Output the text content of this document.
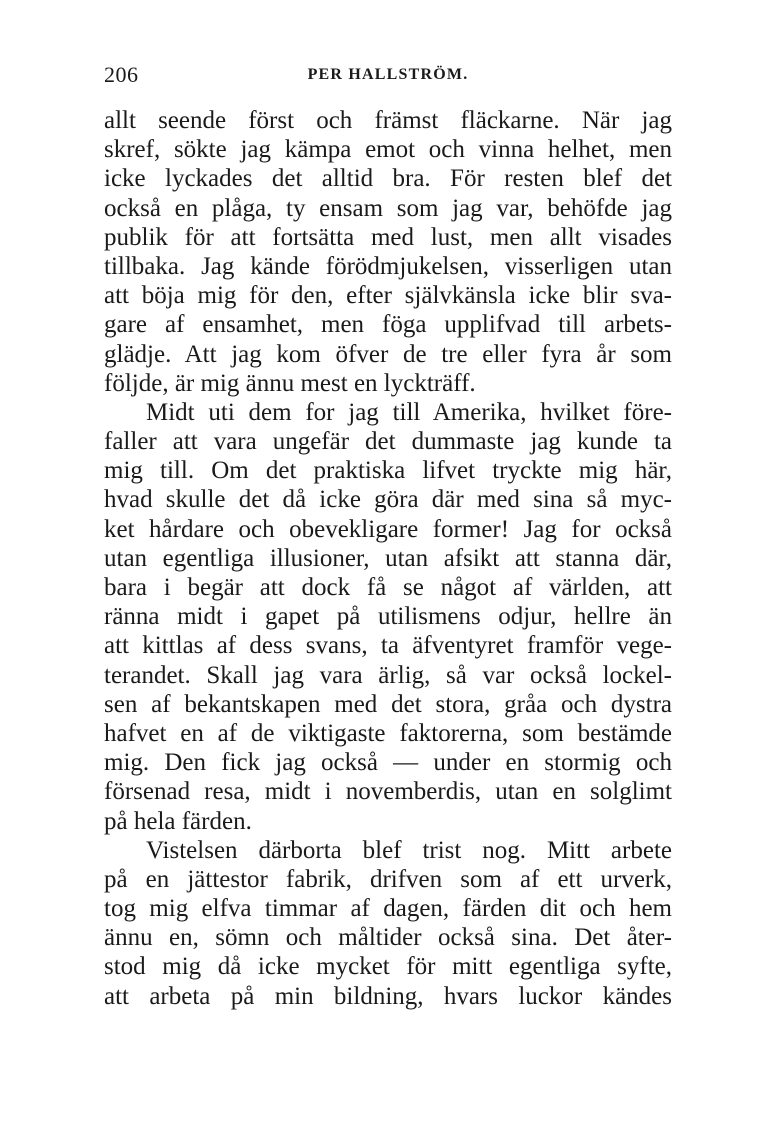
206	PER HALLSTRÖM.
allt seende först och främst fläckarne. När jag
skref, sökte jag kämpa emot och vinna helhet, men
icke lyckades det alltid bra. För resten blef det
också en plåga, ty ensam som jag var, behöfde jag
publik för att fortsätta med lust, men allt visades
tillbaka. Jag kände förödmjukelsen, visserligen utan
att böja mig för den, efter självkänsla icke blir sva-
gare af ensamhet, men föga upplifvad till arbets-
glädje. Att jag kom öfver de tre eller fyra år som
följde, är mig ännu mest en lyckträff.
Midt uti dem for jag till Amerika, hvilket före-
faller att vara ungefär det dummaste jag kunde ta
mig till. Om det praktiska lifvet tryckte mig här,
hvad skulle det då icke göra där med sina så myc-
ket hårdare och obevekligare former! Jag for också
utan egentliga illusioner, utan afsikt att stanna där,
bara i begär att dock få se något af världen, att
ränna midt i gapet på utilismens odjur, hellre än
att kittlas af dess svans, ta äfventyret framför vege-
terandet. Skall jag vara ärlig, så var också lockel-
sen af bekantskapen med det stora, gråa och dystra
hafvet en af de viktigaste faktorerna, som bestämde
mig. Den fick jag också — under en stormig och
försenad resa, midt i novemberdis, utan en solglimt
på hela färden.
Vistelsen därborta blef trist nog. Mitt arbete
på en jättestor fabrik, drifven som af ett urverk,
tog mig elfva timmar af dagen, färden dit och hem
ännu en, sömn och måltider också sina. Det åter-
stod mig då icke mycket för mitt egentliga syfte,
att arbeta på min bildning, hvars luckor kändes
